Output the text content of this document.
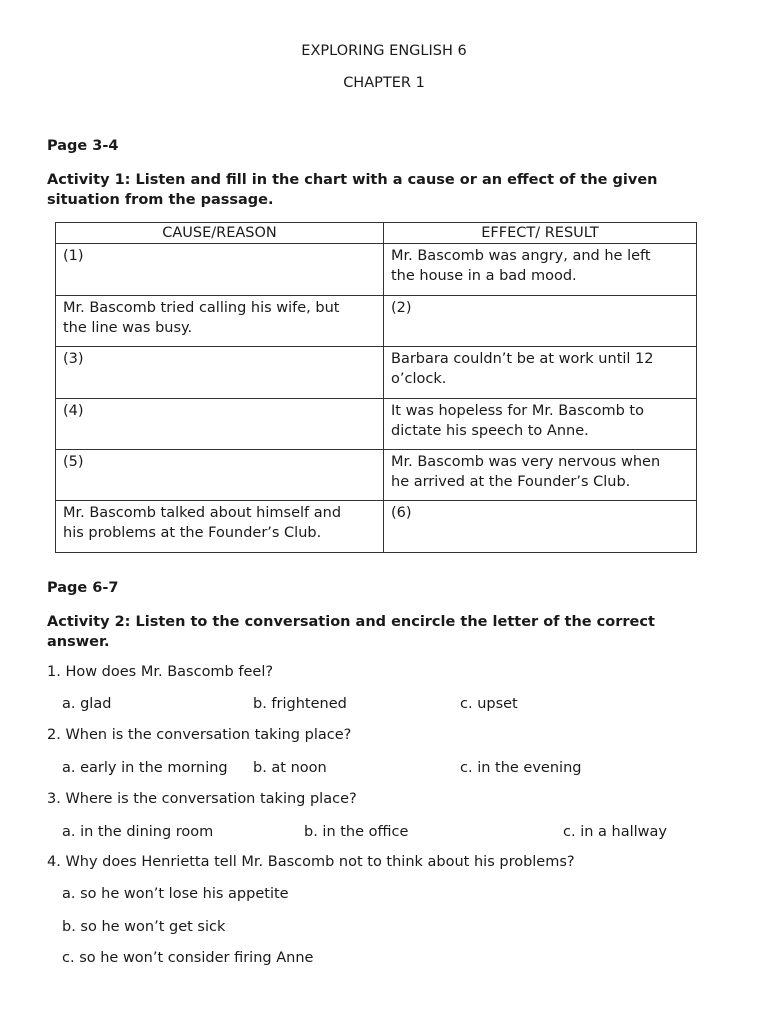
EXPLORING ENGLISH 6
CHAPTER 1
Page 3-4
Activity 1: Listen and fill in the chart with a cause or an effect of the given
situation from the passage.
CAUSE/REASON	EFFECT/ RESULT

(1)	Mr. Bascomb was angry, and he left
the house in a bad mood.

Mr. Bascomb tried calling his wife, but
the line was busy.	(2)

(3)	Barbara couldn’t be at work until 12
o’clock.

(4)	It was hopeless for Mr. Bascomb to
dictate his speech to Anne.

(5)	Mr. Bascomb was very nervous when
he arrived at the Founder’s Club.

Mr. Bascomb talked about himself and
his problems at the Founder’s Club.	(6)
Page 6-7
Activity 2: Listen to the conversation and encircle the letter of the correct
answer.
1. How does Mr. Bascomb feel?
a. glad	b. frightened	c. upset
2. When is the conversation taking place?
a. early in the morning b. at noon	c. in the evening
3. Where is the conversation taking place?
a. in the dining room	b. in the office	c. in a hallway
4. Why does Henrietta tell Mr. Bascomb not to think about his problems?
a. so he won’t lose his appetite
b. so he won’t get sick
c. so he won’t consider firing Anne
